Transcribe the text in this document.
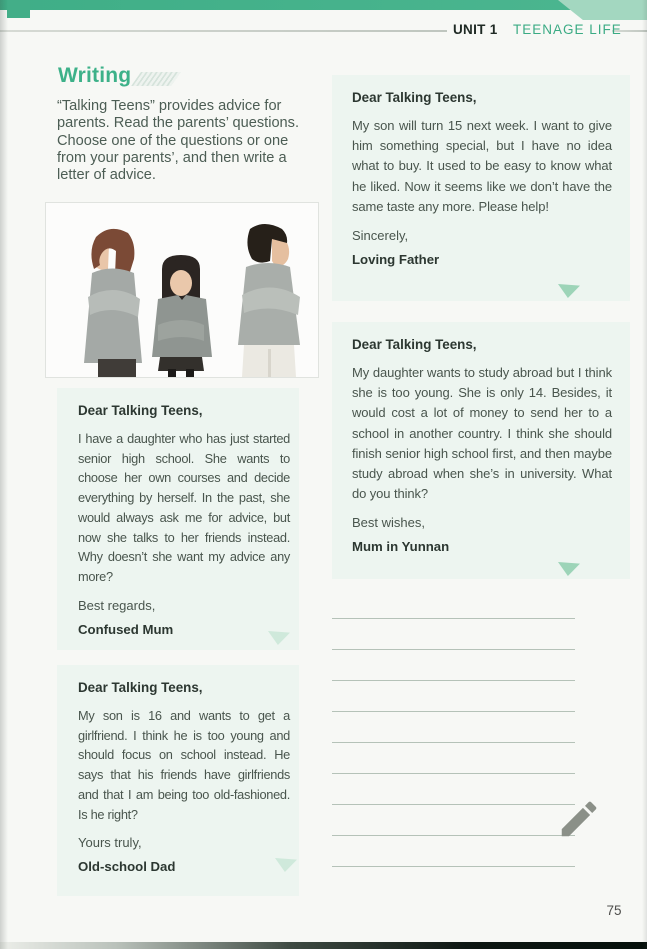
UNIT 1 TEENAGE LIFE
Writing

“Talking Teens” provides advice for parents. Read the parents’ questions. Choose one of the questions or one from your parents’, and then write a letter of advice.

Dear Talking Teens,

I have a daughter who has just started senior high school. She wants to choose her own courses and decide everything by herself. In the past, she would always ask me for advice, but now she talks to her friends instead. Why doesn’t she want my advice any more?

Best regards,
Confused Mum
Dear Talking Teens,

My son is 16 and wants to get a girlfriend. I think he is too young and should focus on school instead. He says that his friends have girlfriends and that I am being too old-fashioned. Is he right?

Yours truly,
Old-school Dad
Dear Talking Teens,

My son will turn 15 next week. I want to give him something special, but I have no idea what to buy. It used to be easy to know what he liked. Now it seems like we don’t have the same taste any more. Please help!

Sincerely,
Loving Father
Dear Talking Teens,

My daughter wants to study abroad but I think she is too young. She is only 14. Besides, it would cost a lot of money to send her to a school in another country. I think she should finish senior high school first, and then maybe study abroad when she’s in university. What do you think?

Best wishes,
Mum in Yunnan
75
